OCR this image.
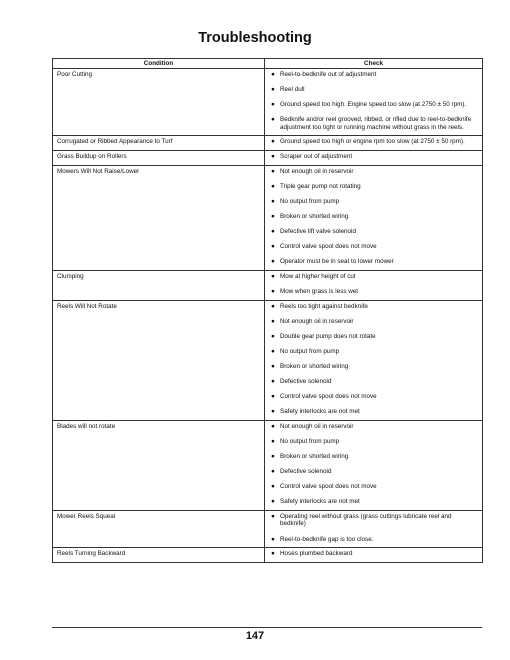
Troubleshooting
Condition	Check
Poor Cutting	● Reel-to-bedknife out of adjustment
● Reel dull
● Ground speed too high. Engine speed too slow (at 2750 ± 50 rpm).
● Bedknife and/or reel grooved, ribbed, or rifled due to reel-to-bedknife adjustment too tight or running machine without grass in the reels.
Corrugated or Ribbed Appearance to Turf	● Ground speed too high or engine rpm too slow (at 2750 ± 50 rpm).
Grass Buildup on Rollers	● Scraper out of adjustment
Mowers Will Not Raise/Lower	● Not enough oil in reservoir
● Triple gear pump not rotating
● No output from pump
● Broken or shorted wiring
● Defective lift valve solenoid
● Control valve spool does not move
● Operator must be in seat to lower mower
Clumping	● Mow at higher height of cut
● Mow when grass is less wet
Reels Will Not Rotate	● Reels too tight against bedknife
● Not enough oil in reservoir
● Double gear pump does not rotate
● No output from pump
● Broken or shorted wiring
● Defective solenoid
● Control valve spool does not move
● Safety interlocks are not met
Blades will not rotate	● Not enough oil in reservoir
● No output from pump
● Broken or shorted wiring
● Defective solenoid
● Control valve spool does not move
● Safety interlocks are not met
Mower Reels Squeal	● Operating reel without grass (grass cuttings lubricate reel and bedknife)
● Reel-to-bedknife gap is too close.
Reels Turning Backward	● Hoses plumbed backward
147
